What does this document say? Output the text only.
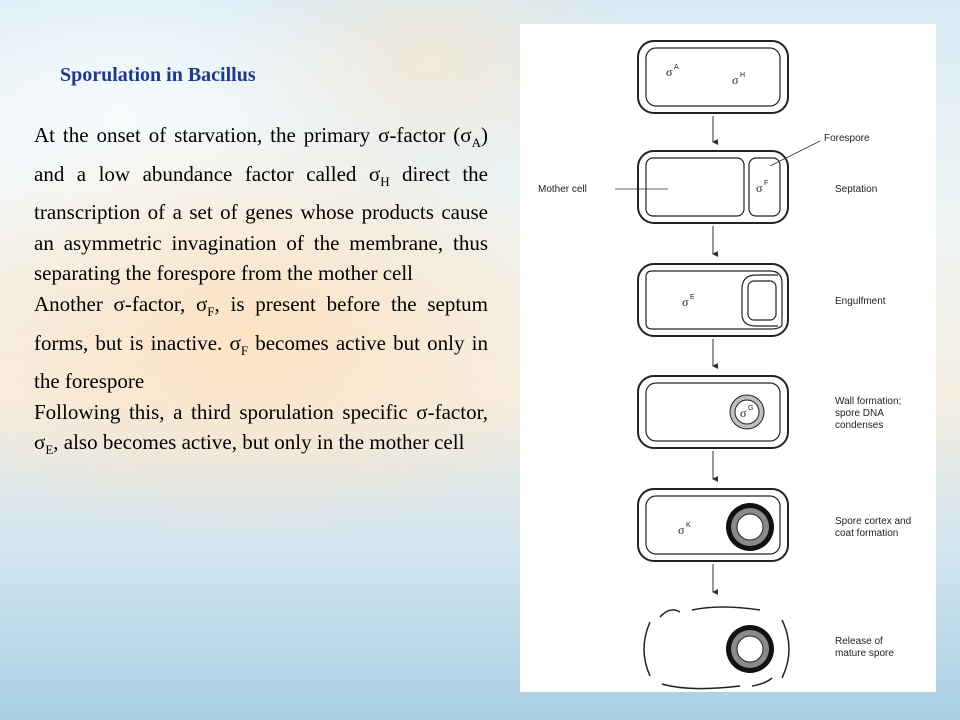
Sporulation in Bacillus

At the onset of starvation, the primary σ-factor $(\sigma_A)$ and a low abundance factor called $\sigma_H$ direct the transcription of a set of genes whose products cause an asymmetric invagination of the membrane, thus separating the forespore from the mother cell

Another σ-factor, $\sigma_F$, is present before the septum forms, but is inactive. $\sigma_F$ becomes active but only in the forespore

Following this, a third sporulation specific σ-factor, $\sigma_E$, also becomes active, but only in the mother cell

σ A
σ H
σ F
Mother cell
Forespore
Septation
σ E	Engulfment
σ G
Wall formation; spore DNA condenses
σ K	Spore cortex and coat formation
Release of mature spore
